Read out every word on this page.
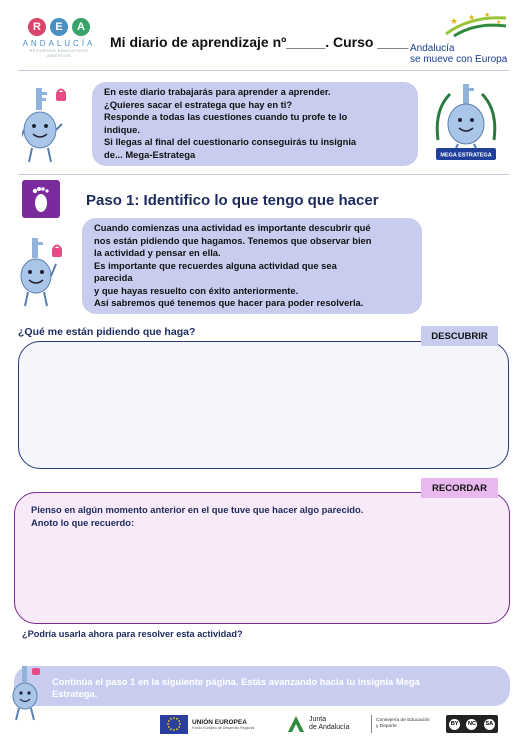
R	E	A
ANDALUCÍA
RECURSOS EDUCATIVOS ABIERTOS
Mi diario de aprendizaje nº_____. Curso ____
★ ★ ★
★
Andalucía
se mueve con Europa
En este diario trabajarás para aprender a aprender.
¿Quieres sacar el estratega que hay en ti?
Responde a todas las cuestiones cuando tu profe te lo
indique.
Si llegas al final del cuestionario conseguirás tu insignia
de... Mega-Estratega	MEGA ESTRATEGA
Paso 1: Identifico lo que tengo que hacer
Cuando comienzas una actividad es importante descubrir qué
nos están pidiendo que hagamos. Tenemos que observar bien
la actividad y pensar en ella.
Es importante que recuerdes alguna actividad que sea
parecida
y que hayas resuelto con éxito anteriormente.
Así sabremos qué tenemos que hacer para poder resolverla.
¿Qué me están pidiendo que haga?	DESCUBRIR
Pienso en algún momento anterior en el que tuve que hacer algo parecido.
Anoto lo que recuerdo:
RECORDAR
¿Podría usarla ahora para resolver esta actividad?
Continúa el paso 1 en la siguiente página. Estás avanzando hacia tu insignia Mega
Estratega.
UNIÓN EUROPEA
Fondo Europeo de Desarrollo Regional
Junta
de Andalucía
Consejería de Educación
y Deporte	BY	NC	SA
